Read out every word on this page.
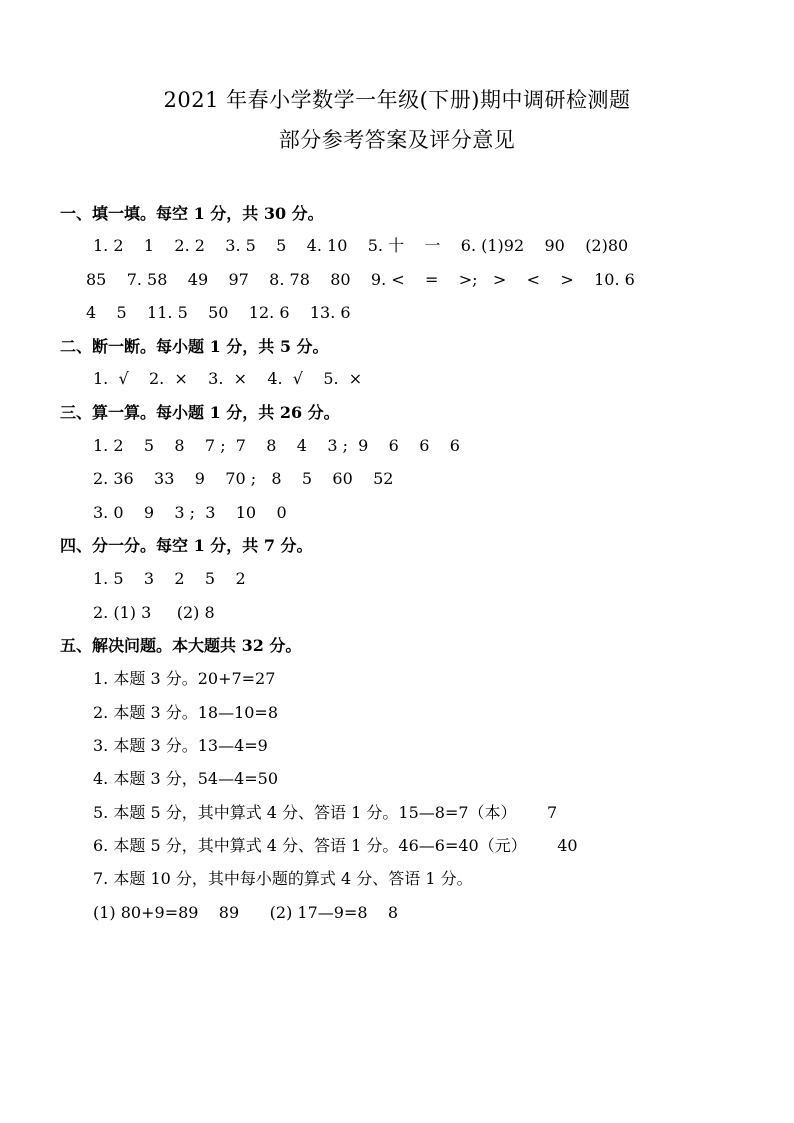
2021 年春小学数学一年级(下册)期中调研检测题
部分参考答案及评分意见
一、填一填。每空 1 分，共 30 分。
1. 2    1    2. 2    3. 5    5    4. 10    5. 十    一    6. (1)92    90    (2)80
85    7. 58    49    97    8. 78    80    9. <    =    >;   >    <    >    10. 6
4    5    11. 5    50    12. 6    13. 6
二、断一断。每小题 1 分，共 5 分。
1.  √    2.  ×    3.  ×    4.  √    5.  ×
三、算一算。每小题 1 分，共 26 分。
1. 2    5    8    7 ;  7    8    4    3 ;  9    6    6    6
2. 36    33    9    70 ;   8    5    60    52
3. 0    9    3 ;  3    10    0
四、分一分。每空 1 分，共 7 分。
1. 5    3    2    5    2
2. (1) 3     (2) 8
五、解决问题。本大题共 32 分。
1. 本题 3 分。20+7=27
2. 本题 3 分。18—10=8
3. 本题 3 分。13—4=9
4. 本题 3 分，54—4=50
5. 本题 5 分，其中算式 4 分、答语 1 分。15—8=7（本）      7
6. 本题 5 分，其中算式 4 分、答语 1 分。46—6=40（元）      40
7. 本题 10 分，其中每小题的算式 4 分、答语 1 分。
(1) 80+9=89    89      (2) 17—9=8    8
